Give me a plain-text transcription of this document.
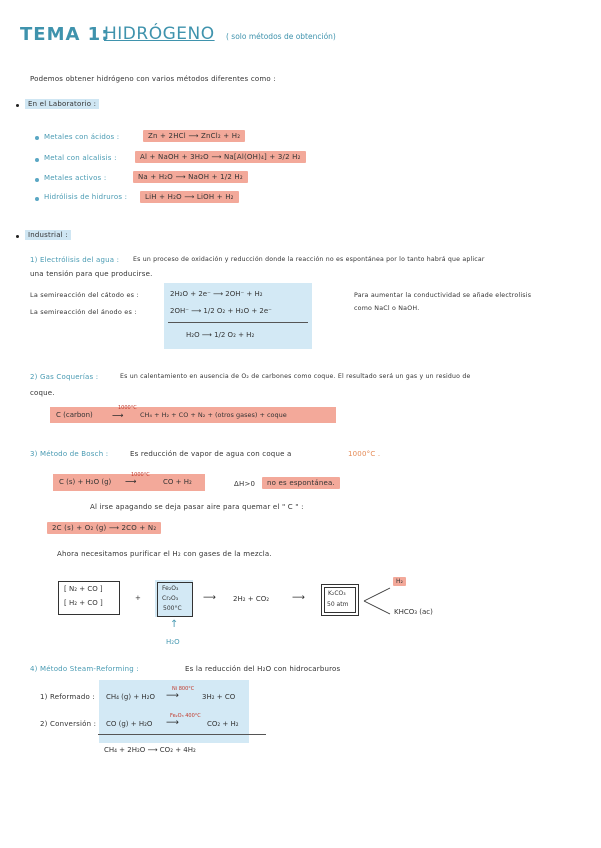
TEMA 1:
HIDRÓGENO ( solo métodos de obtención)
Podemos obtener hidrógeno con varios métodos diferentes como :
En el Laboratorio :
Metales con ácidos :	Zn + 2HCl ⟶ ZnCl₂ + H₂
Metal con alcalisis :	Al + NaOH + 3H₂O ⟶ Na[Al(OH)₄] + 3/2 H₂
Metales activos :	Na + H₂O ⟶ NaOH + 1/2 H₂
Hidrólisis de hidruros :	LiH + H₂O ⟶ LiOH + H₂
Industrial :
1) Electrólisis del agua : Es un proceso de oxidación y reducción donde la reacción no es espontánea por lo tanto habrá que aplicar
una tensión para que producirse.
La semireacción del cátodo es :	2H₂O + 2e⁻ ⟶ 2OH⁻ + H₂
La semireacción del ánodo es :	2OH⁻ ⟶ 1/2 O₂ + H₂O + 2e⁻
H₂O ⟶ 1/2 O₂ + H₂
Para aumentar la conductividad se añade electrolisis
como NaCl o NaOH.
2) Gas Coquerías :	Es un calentamiento en ausencia de O₂ de carbones como coque. El resultado será un gas y un residuo de
coque.
C (carbon)
1000°C
⟶	CH₄ + H₂ + CO + N₂ + (otros gases) + coque
3) Método de Bosch :	Es reducción de vapor de agua con coque a	1000°C .
C (s) + H₂O (g)
1000°C
⟶	CO + H₂	ΔH>0	no es espontánea.
Al irse apagando se deja pasar aire para quemar el " C " :
2C (s) + O₂ (g) ⟶ 2CO + N₂
Ahora necesitamos purificar el H₂ con gases de la mezcla.
[ N₂ + CO ]
[ H₂ + CO ]
+
Fe₂O₃
Cr₂O₃
500°C
↑
H₂O
⟶ 2H₂ + CO₂	⟶	K₂CO₃
50 atm
H₂
KHCO₃ (ac)
4) Método Steam-Reforming :	Es la reducción del H₂O con hidrocarburos
1) Reformado : CH₄ (g) + H₂O
Ni 800°C
⟶	3H₂ + CO
2) Conversión : CO (g) + H₂O
Fe₂O₃ 400°C
⟶	CO₂ + H₂
CH₄ + 2H₂O ⟶ CO₂ + 4H₂
